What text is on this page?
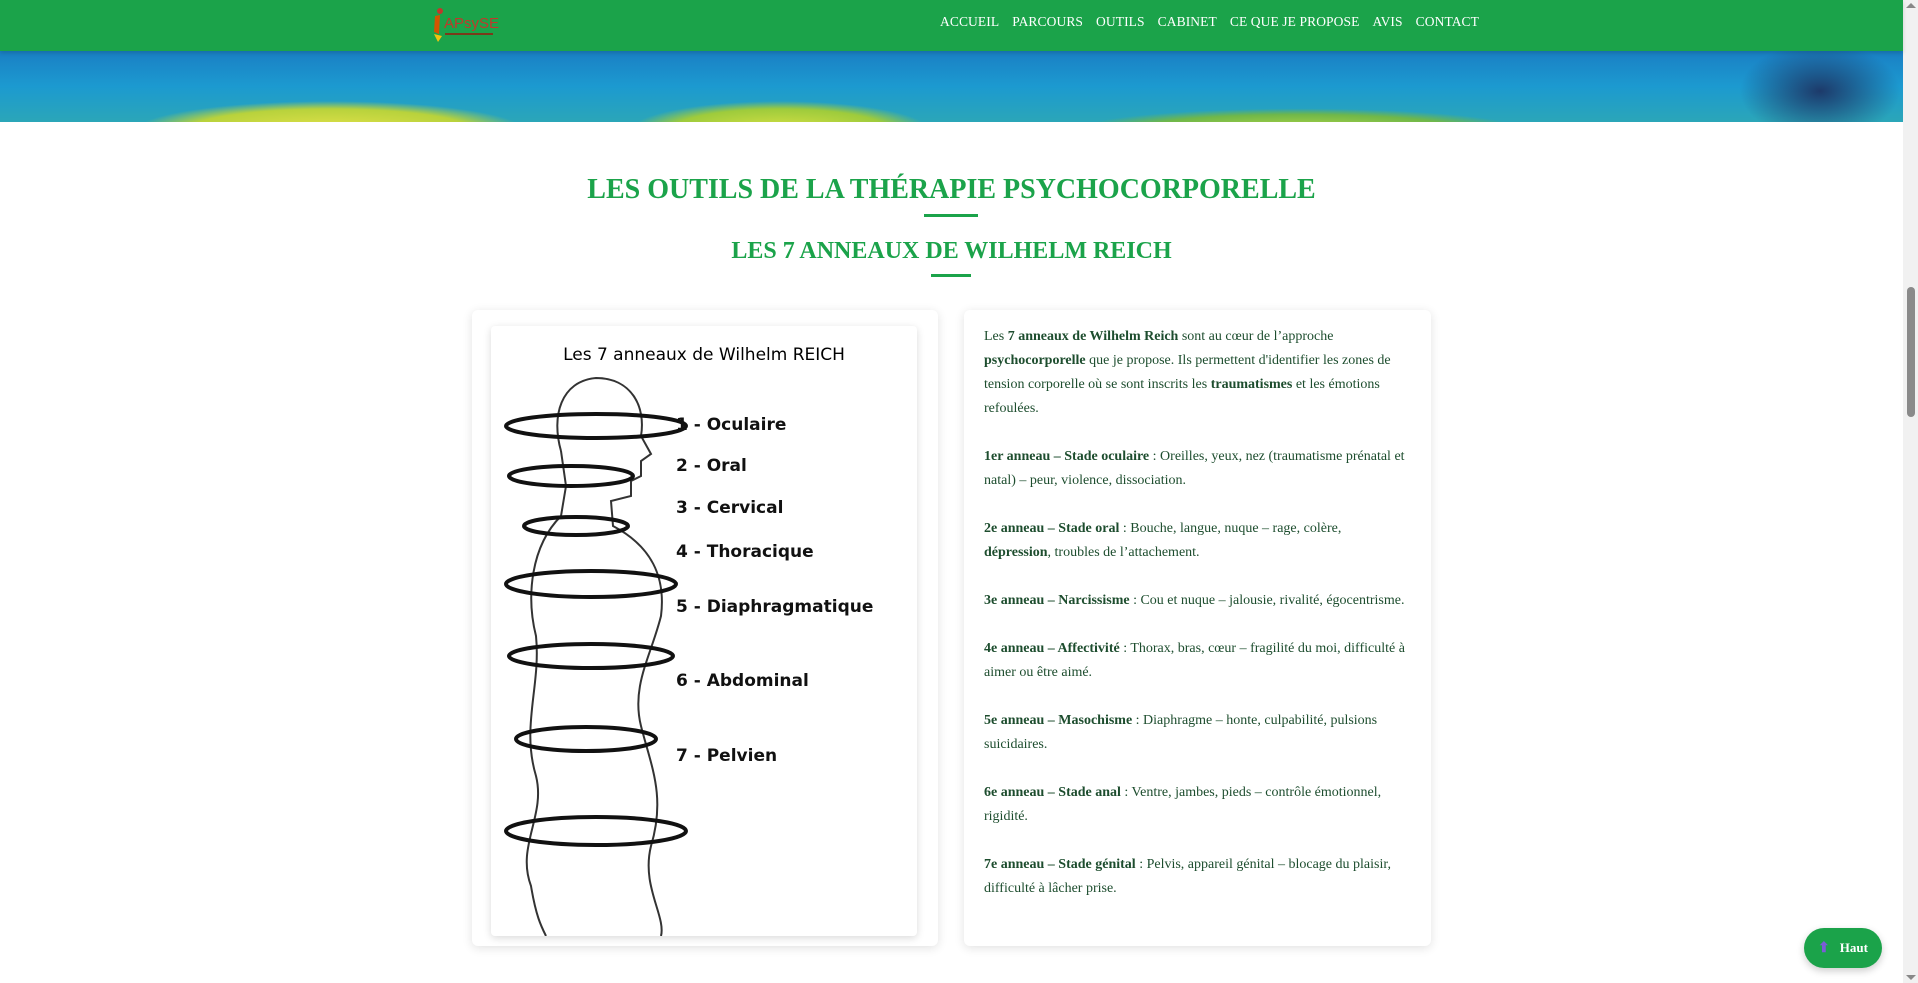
APsySE	ACCUEIL PARCOURS OUTILS CABINET CE QUE JE PROPOSE AVIS CONTACT
LES OUTILS DE LA THÉRAPIE PSYCHOCORPORELLE
LES 7 ANNEAUX DE WILHELM REICH
Les 7 anneaux de Wilhelm REICH
1 - Oculaire
2 - Oral
3 - Cervical
4 - Thoracique
5 - Diaphragmatique
6 - Abdominal
7 - Pelvien

Les 7 anneaux de Wilhelm Reich sont au cœur de l’approche psychocorporelle que je propose. Ils permettent d'identifier les zones de tension corporelle où se sont inscrits les traumatismes et les émotions refoulées.

1er anneau – Stade oculaire : Oreilles, yeux, nez (traumatisme prénatal et natal) – peur, violence, dissociation.

2e anneau – Stade oral : Bouche, langue, nuque – rage, colère, dépression, troubles de l’attachement.

3e anneau – Narcissisme : Cou et nuque – jalousie, rivalité, égocentrisme.

4e anneau – Affectivité : Thorax, bras, cœur – fragilité du moi, difficulté à aimer ou être aimé.

5e anneau – Masochisme : Diaphragme – honte, culpabilité, pulsions suicidaires.

6e anneau – Stade anal : Ventre, jambes, pieds – contrôle émotionnel, rigidité.

7e anneau – Stade génital : Pelvis, appareil génital – blocage du plaisir, difficulté à lâcher prise.

⬆ Haut
